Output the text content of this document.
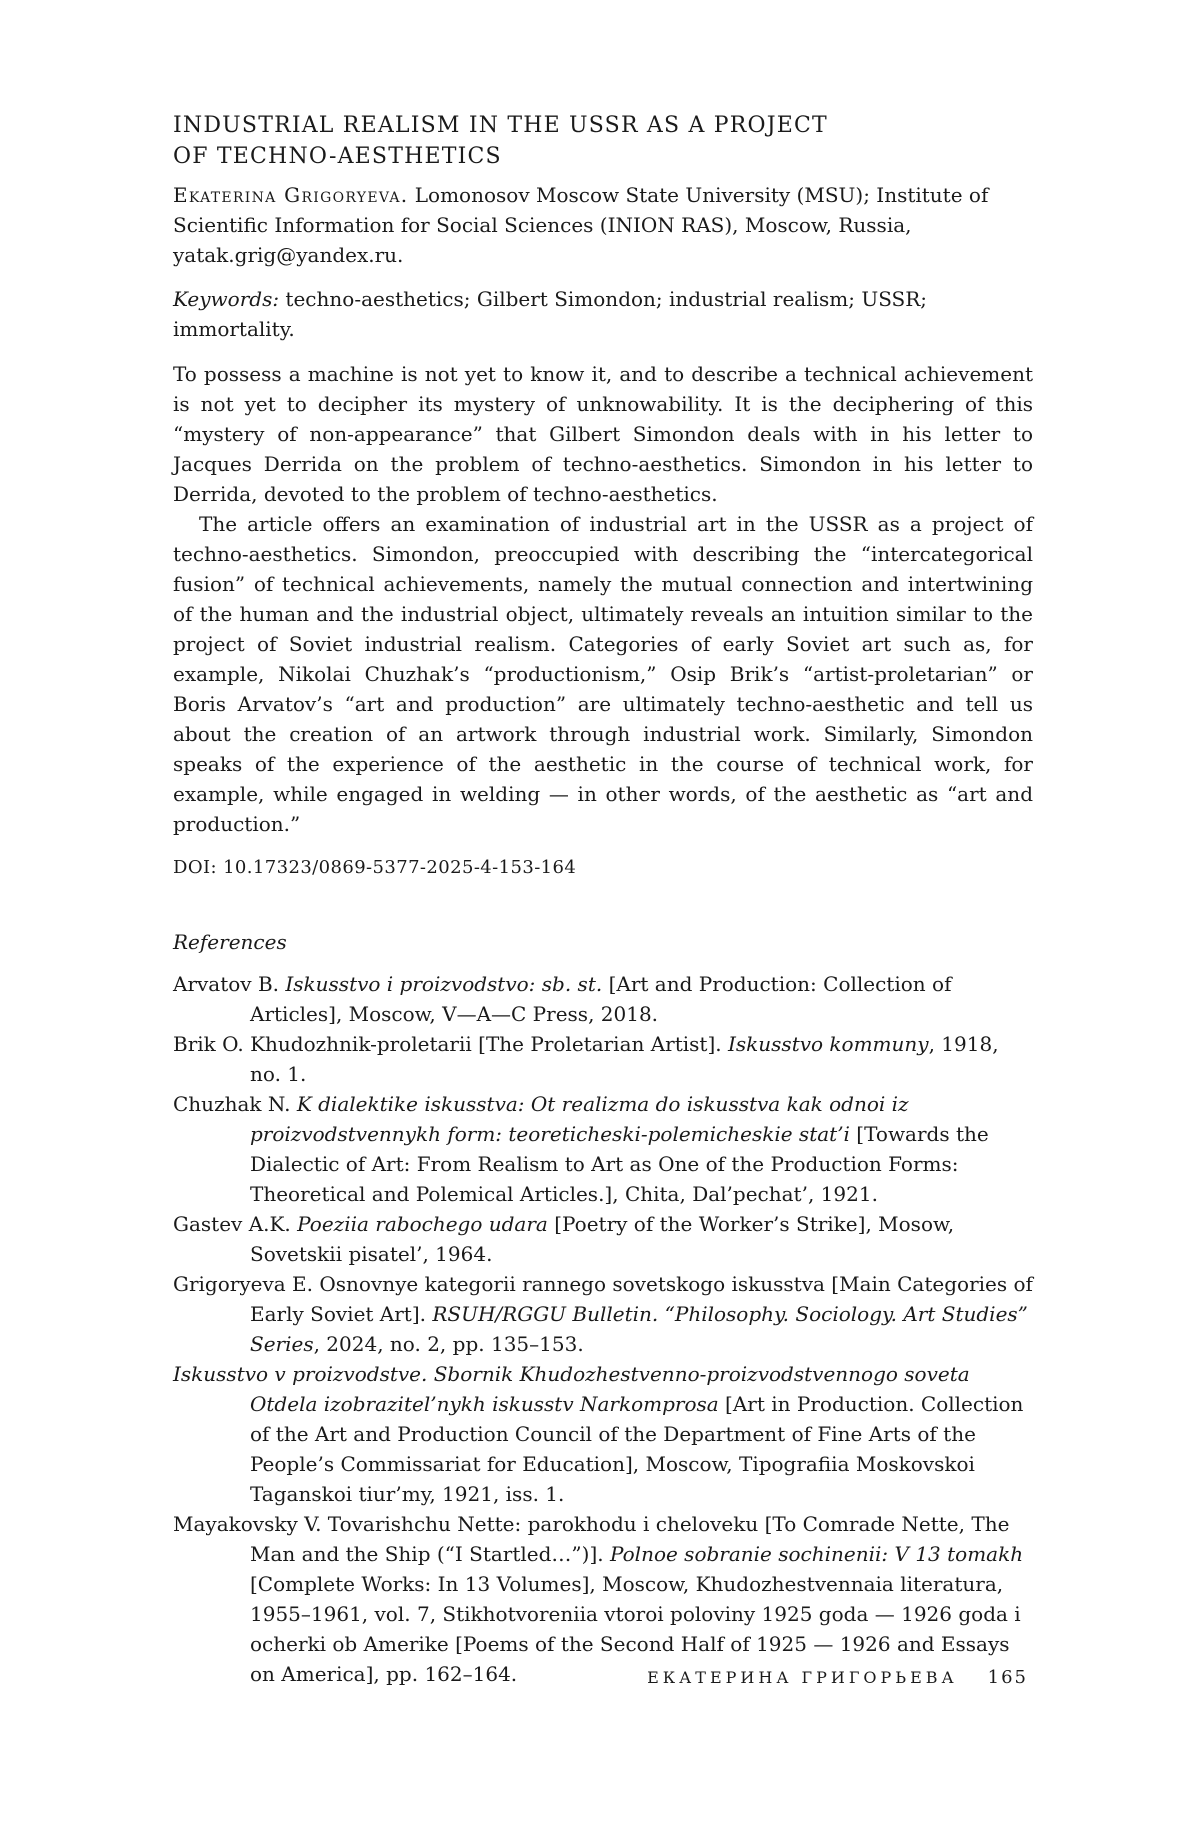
INDUSTRIAL REALISM IN THE USSR AS A PROJECT
OF TECHNO-AESTHETICS

Ekaterina Grigoryeva. Lomonosov Moscow State University (MSU); Institute of Scientific Information for Social Sciences (INION RAS), Moscow, Russia, yatak.grig@yandex.ru.

Keywords: techno-aesthetics; Gilbert Simondon; industrial realism; USSR; immortality.

To possess a machine is not yet to know it, and to describe a technical achievement is not yet to decipher its mystery of unknowability. It is the deciphering of this “mystery of non-appearance” that Gilbert Simondon deals with in his letter to Jacques Derrida on the problem of techno-aesthetics. Simondon in his letter to Derrida, devoted to the problem of techno-aesthetics.

The article offers an examination of industrial art in the USSR as a project of techno-aesthetics. Simondon, preoccupied with describing the “intercategorical fusion” of technical achievements, namely the mutual connection and intertwining of the human and the industrial object, ultimately reveals an intuition similar to the project of Soviet industrial realism. Categories of early Soviet art such as, for example, Nikolai Chuzhak’s “productionism,” Osip Brik’s “artist-proletarian” or Boris Arvatov’s “art and production” are ultimately techno-aesthetic and tell us about the creation of an artwork through industrial work. Similarly, Simondon speaks of the experience of the aesthetic in the course of technical work, for example, while engaged in welding — in other words, of the aesthetic as “art and production.”

DOI: 10.17323/0869-5377-2025-4-153-164

References
Arvatov B. Iskusstvo i proizvodstvo: sb. st. [Art and Production: Collection of Articles], Moscow, V—A—C Press, 2018.
Brik O. Khudozhnik-proletarii [The Proletarian Artist]. Iskusstvo kommuny, 1918, no. 1.
Chuzhak N. K dialektike iskusstva: Ot realizma do iskusstva kak odnoi iz proizvodstvennykh form: teoreticheski-polemicheskie stat’i [Towards the Dialectic of Art: From Realism to Art as One of the Production Forms: Theoretical and Polemical Articles.], Chita, Dal’pechat’, 1921.
Gastev A.K. Poeziia rabochego udara [Poetry of the Worker’s Strike], Mosow, Sovetskii pisatel’, 1964.
Grigoryeva E. Osnovnye kategorii rannego sovetskogo iskusstva [Main Categories of Early Soviet Art]. RSUH/RGGU Bulletin. “Philosophy. Sociology. Art Studies” Series, 2024, no. 2, pp. 135–153.
Iskusstvo v proizvodstve. Sbornik Khudozhestvenno-proizvodstvennogo soveta Otdela izobrazitel’nykh iskusstv Narkomprosa [Art in Production. Collection of the Art and Production Council of the Department of Fine Arts of the People’s Commissariat for Education], Moscow, Tipografiia Moskovskoi Taganskoi tiur’my, 1921, iss. 1.
Mayakovsky V. Tovarishchu Nette: parokhodu i cheloveku [To Comrade Nette, The Man and the Ship (“I Startled…”)]. Polnoe sobranie sochinenii: V 13 tomakh [Complete Works: In 13 Volumes], Moscow, Khudozhestvennaia literatura, 1955–1961, vol. 7, Stikhotvoreniia vtoroi poloviny 1925 goda — 1926 goda i ocherki ob Amerike [Poems of the Second Half of 1925 — 1926 and Essays on America], pp. 162–164.	ЕКАТЕРИНА ГРИГОРЬЕВА 165
